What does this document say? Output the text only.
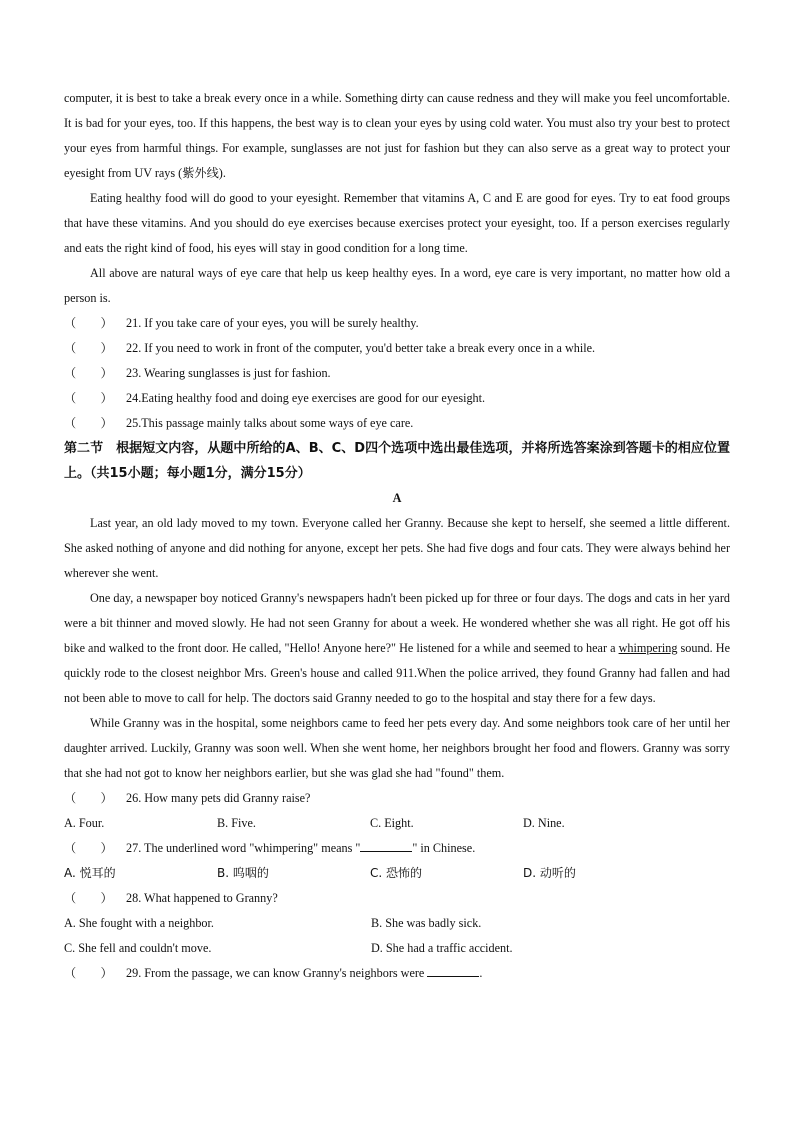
computer, it is best to take a break every once in a while. Something dirty can cause redness and they will make you feel uncomfortable. It is bad for your eyes, too. If this happens, the best way is to clean your eyes by using cold water. You must also try your best to protect your eyes from harmful things. For example, sunglasses are not just for fashion but they can also serve as a great way to protect your eyesight from UV rays (紫外线).

Eating healthy food will do good to your eyesight. Remember that vitamins A, C and E are good for eyes. Try to eat food groups that have these vitamins. And you should do eye exercises because exercises protect your eyesight, too. If a person exercises regularly and eats the right kind of food, his eyes will stay in good condition for a long time.

All above are natural ways of eye care that help us keep healthy eyes. In a word, eye care is very important, no matter how old a person is.

（　　） 21. If you take care of your eyes, you will be surely healthy.

（　　） 22. If you need to work in front of the computer, you'd better take a break every once in a while.

（　　） 23. Wearing sunglasses is just for fashion.

（　　） 24.Eating healthy food and doing eye exercises are good for our eyesight.

（　　） 25.This passage mainly talks about some ways of eye care.

第二节　根据短文内容，从题中所给的A、B、C、D四个选项中选出最佳选项，并将所选答案涂到答题卡的相应位置上。（共15小题；每小题1分，满分15分）

A

Last year, an old lady moved to my town. Everyone called her Granny. Because she kept to herself, she seemed a little different. She asked nothing of anyone and did nothing for anyone, except her pets. She had five dogs and four cats. They were always behind her wherever she went.

One day, a newspaper boy noticed Granny's newspapers hadn't been picked up for three or four days. The dogs and cats in her yard were a bit thinner and moved slowly. He had not seen Granny for about a week. He wondered whether she was all right. He got off his bike and walked to the front door. He called, "Hello! Anyone here?" He listened for a while and seemed to hear a whimpering sound. He quickly rode to the closest neighbor Mrs. Green's house and called 911.When the police arrived, they found Granny had fallen and had not been able to move to call for help. The doctors said Granny needed to go to the hospital and stay there for a few days.

While Granny was in the hospital, some neighbors came to feed her pets every day. And some neighbors took care of her until her daughter arrived. Luckily, Granny was soon well. When she went home, her neighbors brought her food and flowers. Granny was sorry that she had not got to know her neighbors earlier, but she was glad she had "found" them.

（　　） 26. How many pets did Granny raise?

A. Four.	B. Five.	C. Eight.	D. Nine.

（　　） 27. The underlined word "whimpering" means "	" in Chinese.

A. 悦耳的	B. 呜咽的	C. 恐怖的	D. 动听的

（　　） 28. What happened to Granny?

A. She fought with a neighbor.	B. She was badly sick.
C. She fell and couldn't move.	D. She had a traffic accident.

（　　） 29. From the passage, we can know Granny's neighbors were	.
